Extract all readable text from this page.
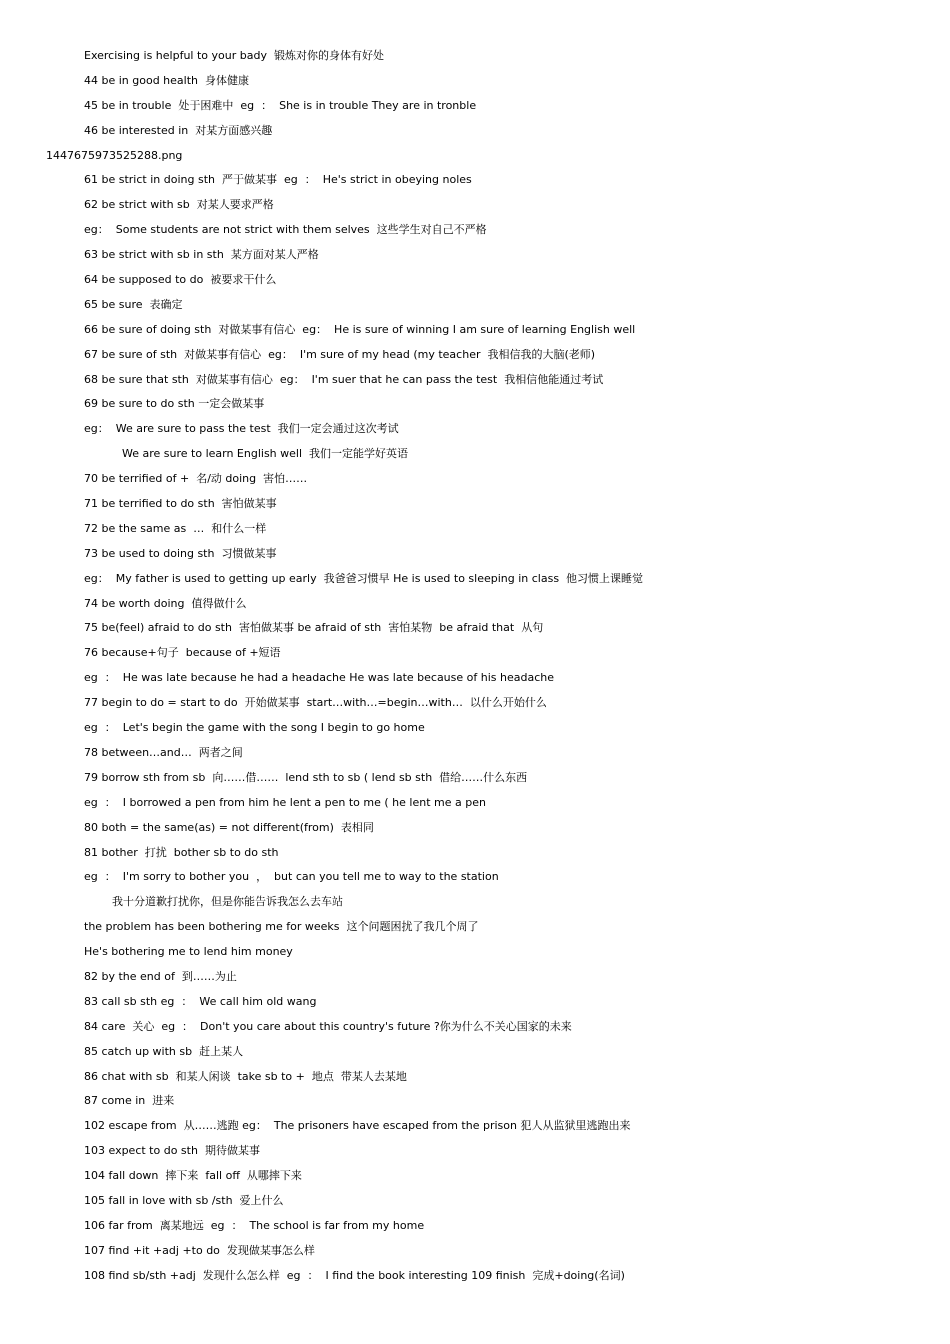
Exercising is helpful to your bady  锻炼对你的身体有好处
44 be in good health  身体健康
45 be in trouble  处于困难中  eg  ：  She is in trouble They are in tronble
46 be interested in  对某方面感兴趣
1447675973525288.png
61 be strict in doing sth  严于做某事  eg  ：  He's strict in obeying noles
62 be strict with sb  对某人要求严格
eg：  Some students are not strict with them selves  这些学生对自己不严格
63 be strict with sb in sth  某方面对某人严格
64 be supposed to do  被要求干什么
65 be sure  表确定
66 be sure of doing sth  对做某事有信心  eg：  He is sure of winning I am sure of learning English well
67 be sure of sth  对做某事有信心  eg：  I'm sure of my head (my teacher  我相信我的大脑(老师)
68 be sure that sth  对做某事有信心  eg：  I'm suer that he can pass the test  我相信他能通过考试
69 be sure to do sth 一定会做某事
eg：  We are sure to pass the test  我们一定会通过这次考试
We are sure to learn English well  我们一定能学好英语
70 be terrified of +  名/动 doing  害怕……
71 be terrified to do sth  害怕做某事
72 be the same as  …  和什么一样
73 be used to doing sth  习惯做某事
eg：  My father is used to getting up early  我爸爸习惯早 He is used to sleeping in class  他习惯上课睡觉
74 be worth doing  值得做什么
75 be(feel) afraid to do sth  害怕做某事 be afraid of sth  害怕某物  be afraid that  从句
76 because+句子  because of +短语
eg  ：  He was late because he had a headache He was late because of his headache
77 begin to do = start to do  开始做某事  start…with…=begin…with…  以什么开始什么
eg  ：  Let's begin the game with the song I begin to go home
78 between…and…  两者之间
79 borrow sth from sb  向……借……  lend sth to sb ( lend sb sth  借给……什么东西
eg  ：  I borrowed a pen from him he lent a pen to me ( he lent me a pen
80 both = the same(as) = not different(from)  表相同
81 bother  打扰  bother sb to do sth
eg  ：  I'm sorry to bother you  ，  but can you tell me to way to the station
我十分道歉打扰你，但是你能告诉我怎么去车站
the problem has been bothering me for weeks  这个问题困扰了我几个周了
He's bothering me to lend him money
82 by the end of  到……为止
83 call sb sth eg  ：  We call him old wang
84 care  关心  eg  ：  Don't you care about this country's future ?你为什么不关心国家的未来
85 catch up with sb  赶上某人
86 chat with sb  和某人闲谈  take sb to +  地点  带某人去某地
87 come in  进来
102 escape from  从……逃跑 eg：  The prisoners have escaped from the prison 犯人从监狱里逃跑出来
103 expect to do sth  期待做某事
104 fall down  摔下来  fall off  从哪摔下来
105 fall in love with sb /sth  爱上什么
106 far from  离某地远  eg  ：  The school is far from my home
107 find +it +adj +to do  发现做某事怎么样
108 find sb/sth +adj  发现什么怎么样  eg  ：  I find the book interesting 109 finish  完成+doing(名词)
